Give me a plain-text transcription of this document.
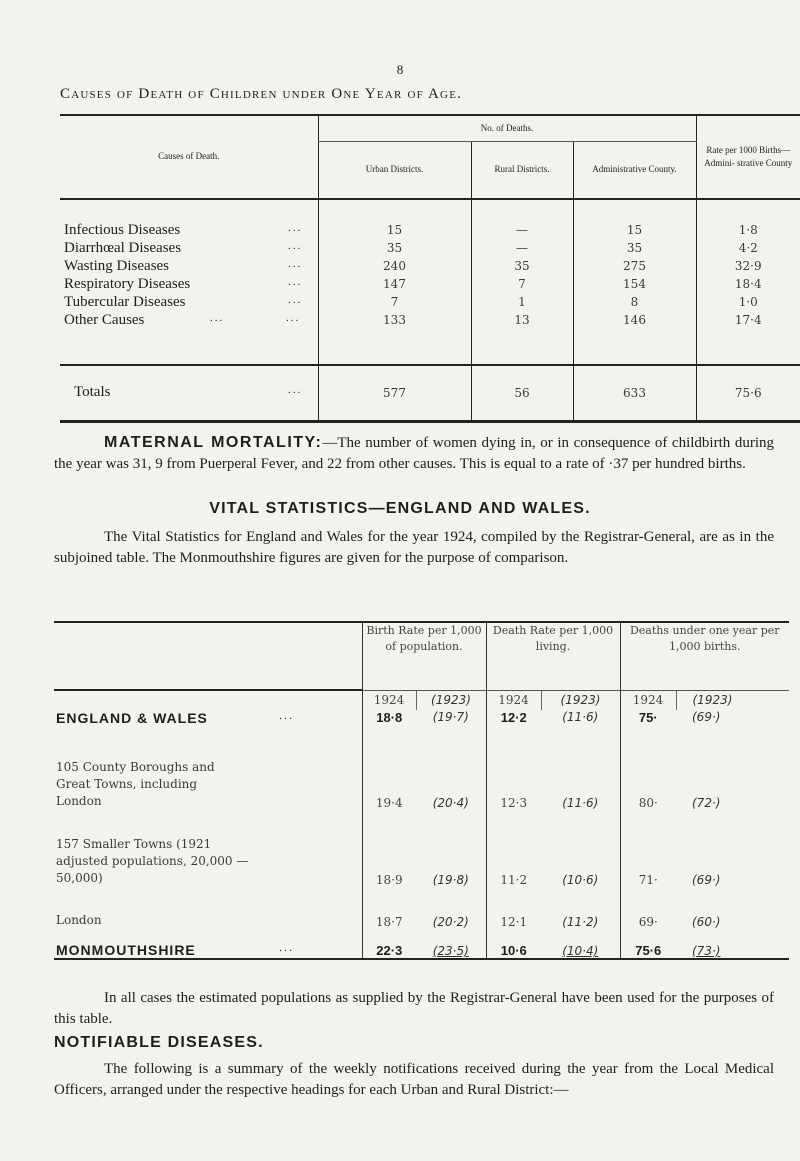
8
Causes of Death of Children under One Year of Age.
Causes of Death.	No. of Deaths.			Rate per 1000 Births—Admini- strative County
	Urban Districts.	Rural Districts.	Administrative County.	

Infectious Diseases ...	15	—	15	1·8
Diarrhœal Diseases ...	35	—	35	4·2
Wasting Diseases ...	240	35	275	32·9
Respiratory Diseases ...	147	7	154	18·4
Tubercular Diseases ...	7	1	8	1·0
Other Causes ...             ...	133	13	146	17·4

Totals ...	577	56	633	75·6
MATERNAL MORTALITY:—The number of women dying in, or in consequence of childbirth during the year was 31, 9 from Puerperal Fever, and 22 from other causes. This is equal to a rate of ·37 per hundred births.
VITAL STATISTICS—ENGLAND AND WALES.
The Vital Statistics for England and Wales for the year 1924, compiled by the Registrar-General, are as in the subjoined table. The Monmouthshire figures are given for the purpose of comparison.
	Birth Rate per 1,000 of population.		Death Rate per 1,000 living.		Deaths under one year per 1,000 births.	
	1924	(1923)	1924	(1923)	1924	(1923)
ENGLAND & WALES ...	18·8	(19·7)	12·2	(11·6)	75·	(69·)
105 County Boroughs and Great Towns, including London	19·4	(20·4)	12·3	(11·6)	80·	(72·)
157 Smaller Towns (1921 adjusted populations, 20,000 —50,000)	18·9	(19·8)	11·2	(10·6)	71·	(69·)
London	18·7	(20·2)	12·1	(11·2)	69·	(60·)
MONMOUTHSHIRE ...	22·3	(23·5)	10·6	(10·4)	75·6	(73·)
In all cases the estimated populations as supplied by the Registrar-General have been used for the purposes of this table.
NOTIFIABLE DISEASES.
The following is a summary of the weekly notifications received during the year from the Local Medical Officers, arranged under the respective headings for each Urban and Rural District:—
